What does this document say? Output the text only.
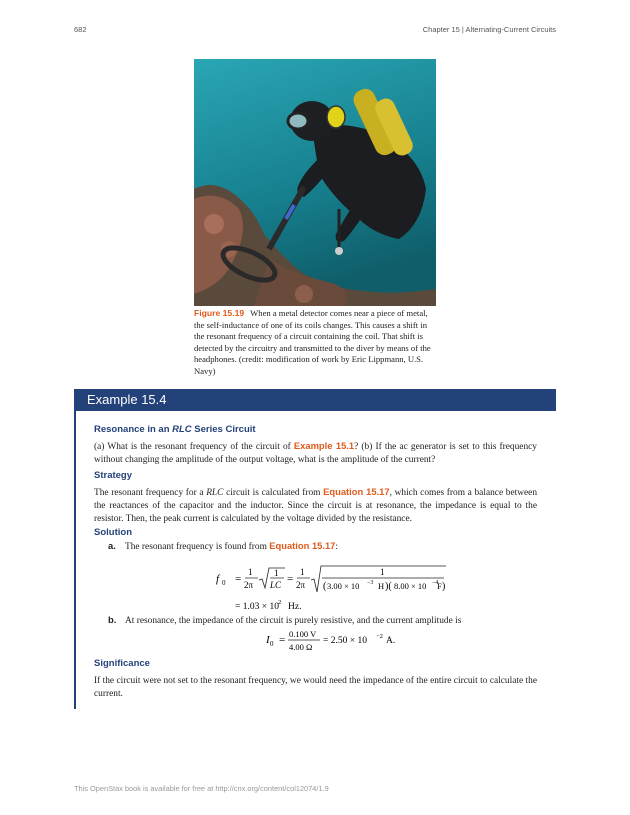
682	Chapter 15 | Alternating-Current Circuits
Figure 15.19 When a metal detector comes near a piece of metal, the self-inductance of one of its coils changes. This causes a shift in the resonant frequency of a circuit containing the coil. That shift is detected by the circuitry and transmitted to the diver by means of the headphones. (credit: modification of work by Eric Lippmann, U.S. Navy)
Example 15.4
Resonance in an RLC Series Circuit
(a) What is the resonant frequency of the circuit of Example 15.1? (b) If the ac generator is set to this frequency without changing the amplitude of the output voltage, what is the amplitude of the current?
Strategy
The resonant frequency for a RLC circuit is calculated from Equation 15.17, which comes from a balance between the reactances of the capacitor and the inductor. Since the circuit is at resonance, the impedance is equal to the resistor. Then, the peak current is calculated by the voltage divided by the resistance.
Solution
a. The resonant frequency is found from Equation 15.17:
f 0 =
1
2π
1
LC =
1
2π
1
( 3.00 × 10 −3 H )( 8.00 × 10 −4
F )
= 1.03 × 10 2 Hz.
b. At resonance, the impedance of the circuit is purely resistive, and the current amplitude is
I 0 = 0.100 V
4.00 Ω
= 2.50 × 10 −2 A.
Significance
If the circuit were not set to the resonant frequency, we would need the impedance of the entire circuit to calculate the current.
This OpenStax book is available for free at http://cnx.org/content/col12074/1.9
